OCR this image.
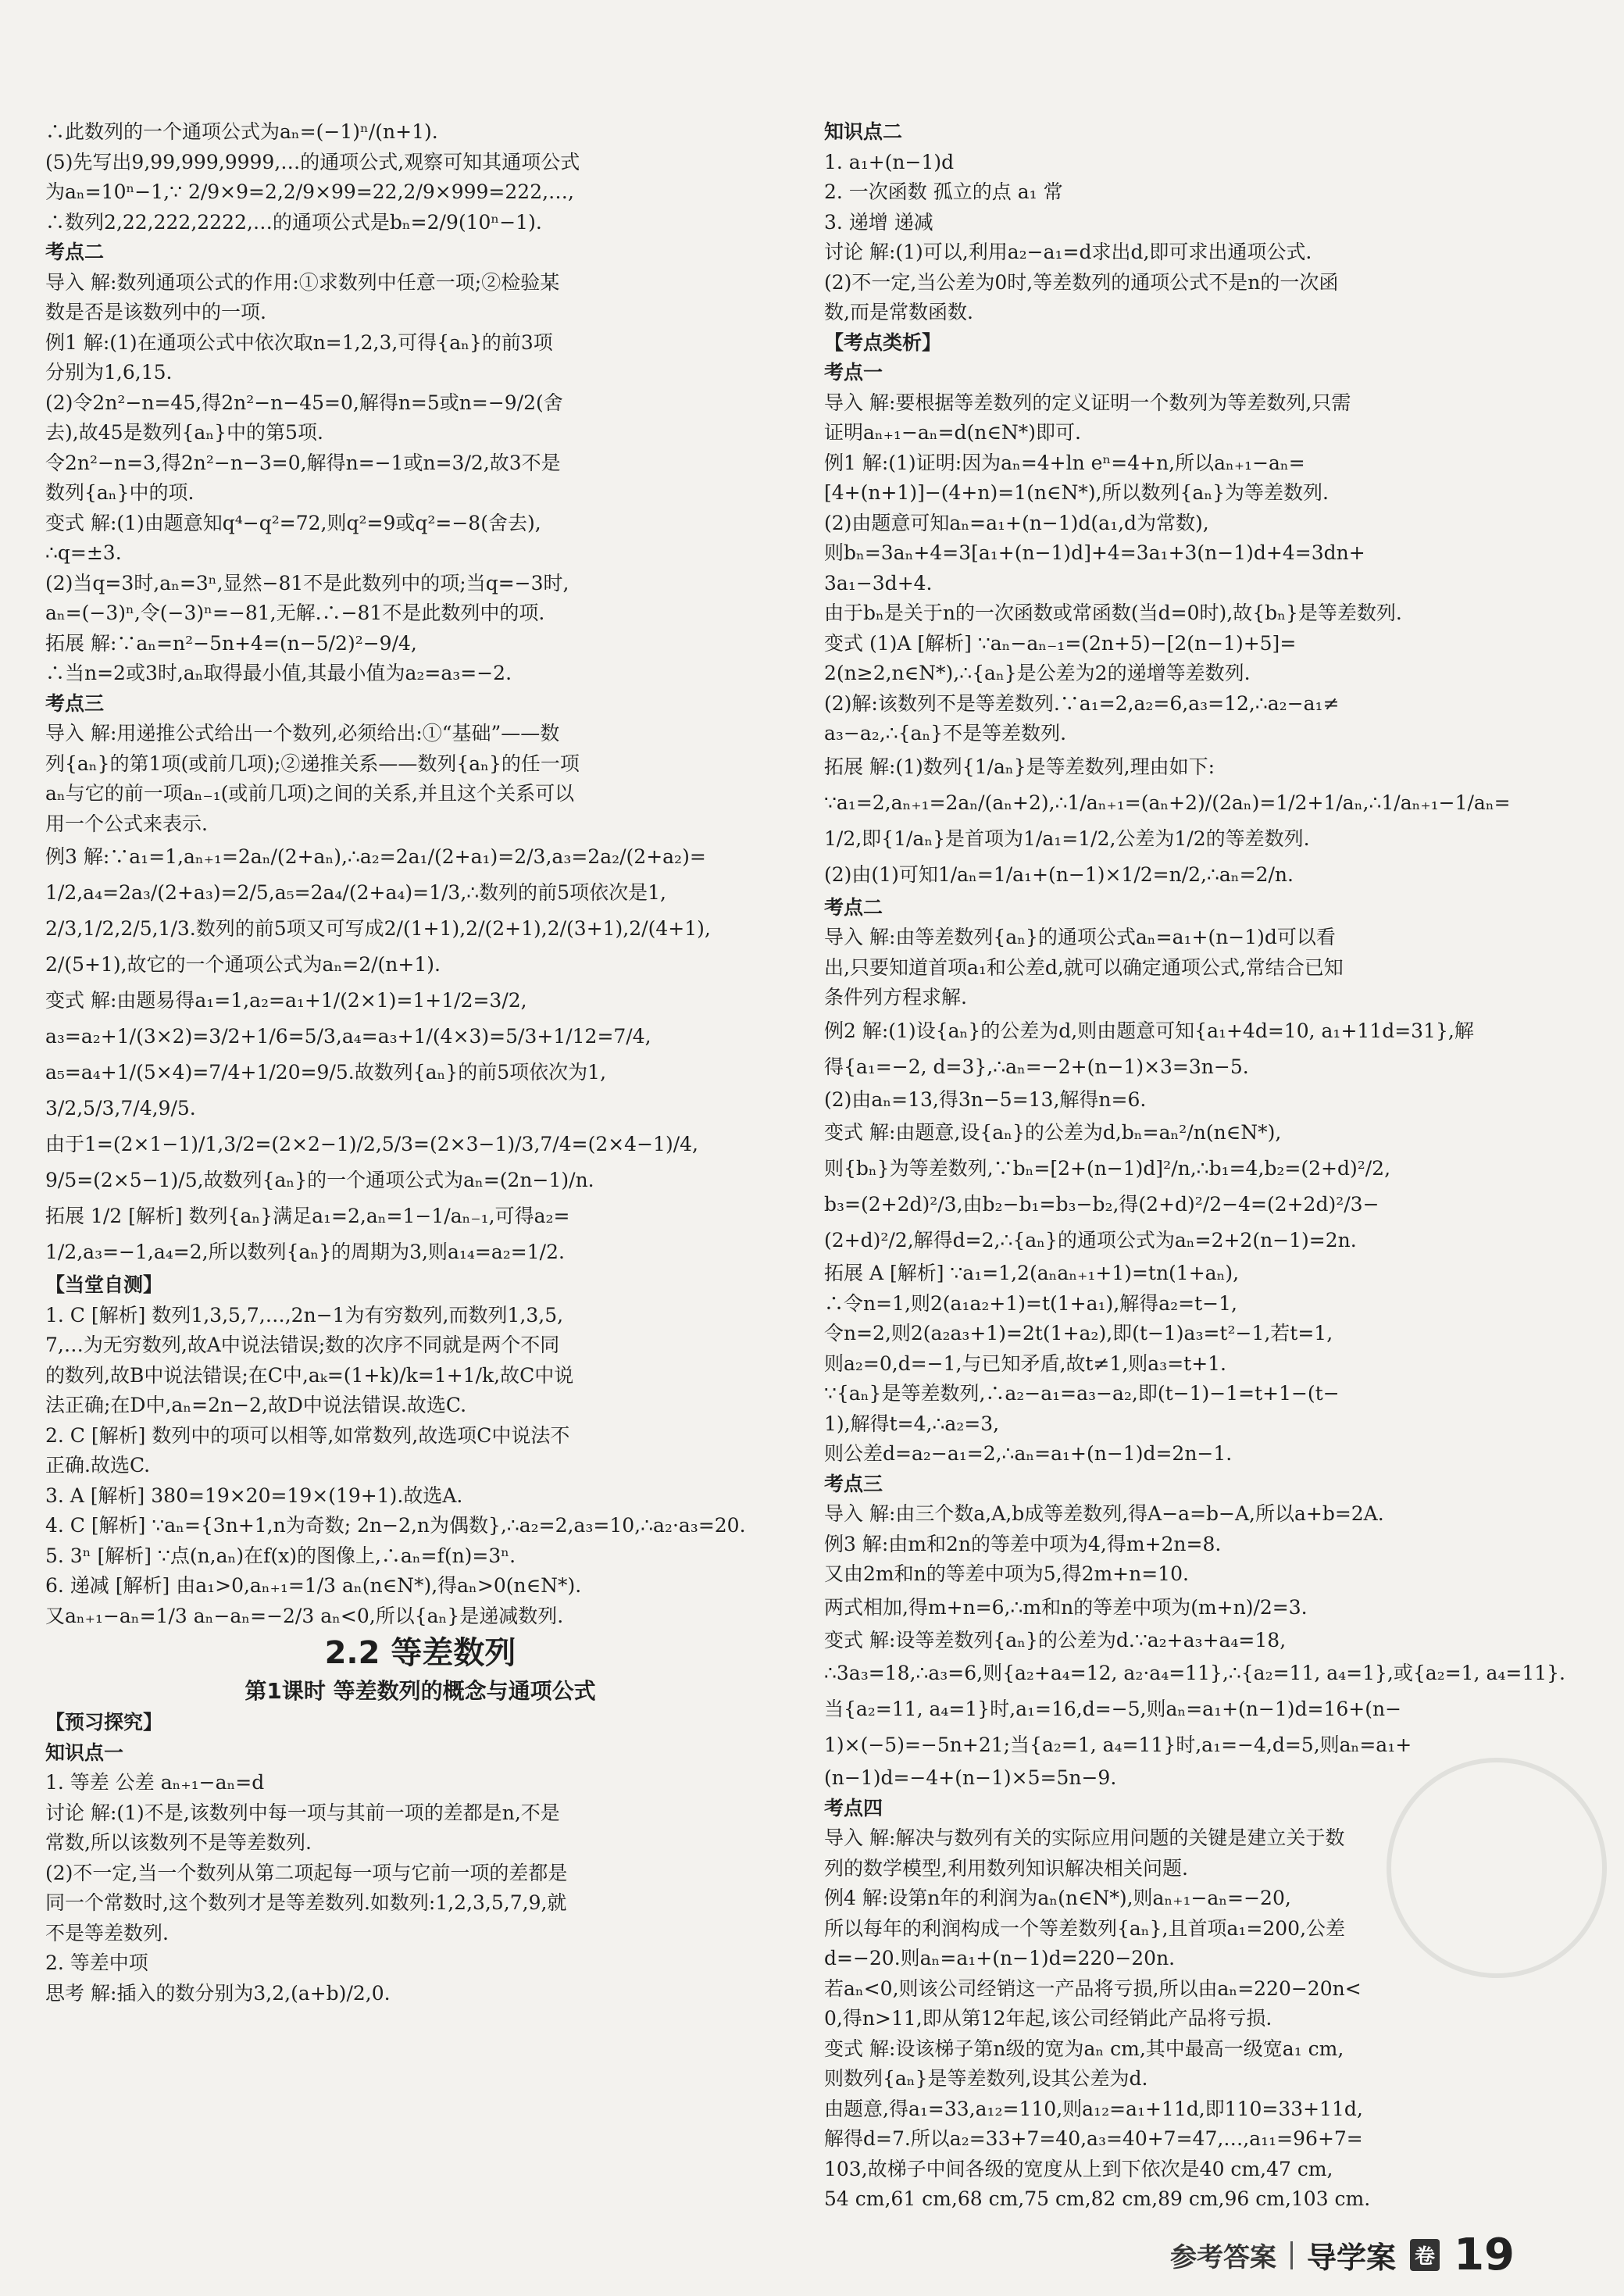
∴此数列的一个通项公式为aₙ=(−1)ⁿ/(n+1).
(5)先写出9,99,999,9999,…的通项公式,观察可知其通项公式
为aₙ=10ⁿ−1,∵ 2/9×9=2,2/9×99=22,2/9×999=222,…,
∴数列2,22,222,2222,…的通项公式是bₙ=2/9(10ⁿ−1).
考点二
导入 解:数列通项公式的作用:①求数列中任意一项;②检验某
数是否是该数列中的一项.
例1 解:(1)在通项公式中依次取n=1,2,3,可得{aₙ}的前3项
分别为1,6,15.
(2)令2n²−n=45,得2n²−n−45=0,解得n=5或n=−9/2(舍
去),故45是数列{aₙ}中的第5项.
令2n²−n=3,得2n²−n−3=0,解得n=−1或n=3/2,故3不是
数列{aₙ}中的项.
变式 解:(1)由题意知q⁴−q²=72,则q²=9或q²=−8(舍去),
∴q=±3.
(2)当q=3时,aₙ=3ⁿ,显然−81不是此数列中的项;当q=−3时,
aₙ=(−3)ⁿ,令(−3)ⁿ=−81,无解.∴−81不是此数列中的项.
拓展 解:∵aₙ=n²−5n+4=(n−5/2)²−9/4,
∴当n=2或3时,aₙ取得最小值,其最小值为a₂=a₃=−2.
考点三
导入 解:用递推公式给出一个数列,必须给出:①“基础”——数
列{aₙ}的第1项(或前几项);②递推关系——数列{aₙ}的任一项
aₙ与它的前一项aₙ₋₁(或前几项)之间的关系,并且这个关系可以
用一个公式来表示.
例3 解:∵a₁=1,aₙ₊₁=2aₙ/(2+aₙ),∴a₂=2a₁/(2+a₁)=2/3,a₃=2a₂/(2+a₂)=
1/2,a₄=2a₃/(2+a₃)=2/5,a₅=2a₄/(2+a₄)=1/3,∴数列的前5项依次是1,
2/3,1/2,2/5,1/3.数列的前5项又可写成2/(1+1),2/(2+1),2/(3+1),2/(4+1),
2/(5+1),故它的一个通项公式为aₙ=2/(n+1).
变式 解:由题易得a₁=1,a₂=a₁+1/(2×1)=1+1/2=3/2,
a₃=a₂+1/(3×2)=3/2+1/6=5/3,a₄=a₃+1/(4×3)=5/3+1/12=7/4,
a₅=a₄+1/(5×4)=7/4+1/20=9/5.故数列{aₙ}的前5项依次为1,
3/2,5/3,7/4,9/5.
由于1=(2×1−1)/1,3/2=(2×2−1)/2,5/3=(2×3−1)/3,7/4=(2×4−1)/4,
9/5=(2×5−1)/5,故数列{aₙ}的一个通项公式为aₙ=(2n−1)/n.
拓展 1/2 [解析] 数列{aₙ}满足a₁=2,aₙ=1−1/aₙ₋₁,可得a₂=
1/2,a₃=−1,a₄=2,所以数列{aₙ}的周期为3,则a₁₄=a₂=1/2.
【当堂自测】
1. C [解析] 数列1,3,5,7,…,2n−1为有穷数列,而数列1,3,5,
7,…为无穷数列,故A中说法错误;数的次序不同就是两个不同
的数列,故B中说法错误;在C中,aₖ=(1+k)/k=1+1/k,故C中说
法正确;在D中,aₙ=2n−2,故D中说法错误.故选C.
2. C [解析] 数列中的项可以相等,如常数列,故选项C中说法不
正确.故选C.
3. A [解析] 380=19×20=19×(19+1).故选A.
4. C [解析] ∵aₙ={3n+1,n为奇数; 2n−2,n为偶数},∴a₂=2,a₃=10,∴a₂·a₃=20.
5. 3ⁿ [解析] ∵点(n,aₙ)在f(x)的图像上,∴aₙ=f(n)=3ⁿ.
6. 递减 [解析] 由a₁>0,aₙ₊₁=1/3 aₙ(n∈N*),得aₙ>0(n∈N*).
又aₙ₊₁−aₙ=1/3 aₙ−aₙ=−2/3 aₙ<0,所以{aₙ}是递减数列.
2.2 等差数列
第1课时 等差数列的概念与通项公式
【预习探究】
知识点一
1. 等差 公差 aₙ₊₁−aₙ=d
讨论 解:(1)不是,该数列中每一项与其前一项的差都是n,不是
常数,所以该数列不是等差数列.
(2)不一定,当一个数列从第二项起每一项与它前一项的差都是
同一个常数时,这个数列才是等差数列.如数列:1,2,3,5,7,9,就
不是等差数列.
2. 等差中项
思考 解:插入的数分别为3,2,(a+b)/2,0.
知识点二
1. a₁+(n−1)d
2. 一次函数 孤立的点 a₁ 常
3. 递增 递减
讨论 解:(1)可以,利用a₂−a₁=d求出d,即可求出通项公式.
(2)不一定,当公差为0时,等差数列的通项公式不是n的一次函
数,而是常数函数.
【考点类析】
考点一
导入 解:要根据等差数列的定义证明一个数列为等差数列,只需
证明aₙ₊₁−aₙ=d(n∈N*)即可.
例1 解:(1)证明:因为aₙ=4+ln eⁿ=4+n,所以aₙ₊₁−aₙ=
[4+(n+1)]−(4+n)=1(n∈N*),所以数列{aₙ}为等差数列.
(2)由题意可知aₙ=a₁+(n−1)d(a₁,d为常数),
则bₙ=3aₙ+4=3[a₁+(n−1)d]+4=3a₁+3(n−1)d+4=3dn+
3a₁−3d+4.
由于bₙ是关于n的一次函数或常函数(当d=0时),故{bₙ}是等差数列.
变式 (1)A [解析] ∵aₙ−aₙ₋₁=(2n+5)−[2(n−1)+5]=
2(n≥2,n∈N*),∴{aₙ}是公差为2的递增等差数列.
(2)解:该数列不是等差数列.∵a₁=2,a₂=6,a₃=12,∴a₂−a₁≠
a₃−a₂,∴{aₙ}不是等差数列.
拓展 解:(1)数列{1/aₙ}是等差数列,理由如下:
∵a₁=2,aₙ₊₁=2aₙ/(aₙ+2),∴1/aₙ₊₁=(aₙ+2)/(2aₙ)=1/2+1/aₙ,∴1/aₙ₊₁−1/aₙ=
1/2,即{1/aₙ}是首项为1/a₁=1/2,公差为1/2的等差数列.
(2)由(1)可知1/aₙ=1/a₁+(n−1)×1/2=n/2,∴aₙ=2/n.
考点二
导入 解:由等差数列{aₙ}的通项公式aₙ=a₁+(n−1)d可以看
出,只要知道首项a₁和公差d,就可以确定通项公式,常结合已知
条件列方程求解.
例2 解:(1)设{aₙ}的公差为d,则由题意可知{a₁+4d=10, a₁+11d=31},解
得{a₁=−2, d=3},∴aₙ=−2+(n−1)×3=3n−5.
(2)由aₙ=13,得3n−5=13,解得n=6.
变式 解:由题意,设{aₙ}的公差为d,bₙ=aₙ²/n(n∈N*),
则{bₙ}为等差数列,∵bₙ=[2+(n−1)d]²/n,∴b₁=4,b₂=(2+d)²/2,
b₃=(2+2d)²/3,由b₂−b₁=b₃−b₂,得(2+d)²/2−4=(2+2d)²/3−
(2+d)²/2,解得d=2,∴{aₙ}的通项公式为aₙ=2+2(n−1)=2n.
拓展 A [解析] ∵a₁=1,2(aₙaₙ₊₁+1)=tn(1+aₙ),
∴令n=1,则2(a₁a₂+1)=t(1+a₁),解得a₂=t−1,
令n=2,则2(a₂a₃+1)=2t(1+a₂),即(t−1)a₃=t²−1,若t=1,
则a₂=0,d=−1,与已知矛盾,故t≠1,则a₃=t+1.
∵{aₙ}是等差数列,∴a₂−a₁=a₃−a₂,即(t−1)−1=t+1−(t−
1),解得t=4,∴a₂=3,
则公差d=a₂−a₁=2,∴aₙ=a₁+(n−1)d=2n−1.
考点三
导入 解:由三个数a,A,b成等差数列,得A−a=b−A,所以a+b=2A.
例3 解:由m和2n的等差中项为4,得m+2n=8.
又由2m和n的等差中项为5,得2m+n=10.
两式相加,得m+n=6,∴m和n的等差中项为(m+n)/2=3.
变式 解:设等差数列{aₙ}的公差为d.∵a₂+a₃+a₄=18,
∴3a₃=18,∴a₃=6,则{a₂+a₄=12, a₂·a₄=11},∴{a₂=11, a₄=1},或{a₂=1, a₄=11}.
当{a₂=11, a₄=1}时,a₁=16,d=−5,则aₙ=a₁+(n−1)d=16+(n−
1)×(−5)=−5n+21;当{a₂=1, a₄=11}时,a₁=−4,d=5,则aₙ=a₁+
(n−1)d=−4+(n−1)×5=5n−9.
考点四
导入 解:解决与数列有关的实际应用问题的关键是建立关于数
列的数学模型,利用数列知识解决相关问题.
例4 解:设第n年的利润为aₙ(n∈N*),则aₙ₊₁−aₙ=−20,
所以每年的利润构成一个等差数列{aₙ},且首项a₁=200,公差
d=−20.则aₙ=a₁+(n−1)d=220−20n.
若aₙ<0,则该公司经销这一产品将亏损,所以由aₙ=220−20n<
0,得n>11,即从第12年起,该公司经销此产品将亏损.
变式 解:设该梯子第n级的宽为aₙ cm,其中最高一级宽a₁ cm,
则数列{aₙ}是等差数列,设其公差为d.
由题意,得a₁=33,a₁₂=110,则a₁₂=a₁+11d,即110=33+11d,
解得d=7.所以a₂=33+7=40,a₃=40+7=47,…,a₁₁=96+7=
103,故梯子中间各级的宽度从上到下依次是40 cm,47 cm,
54 cm,61 cm,68 cm,75 cm,82 cm,89 cm,96 cm,103 cm.
参考答案 导学案 卷 19
